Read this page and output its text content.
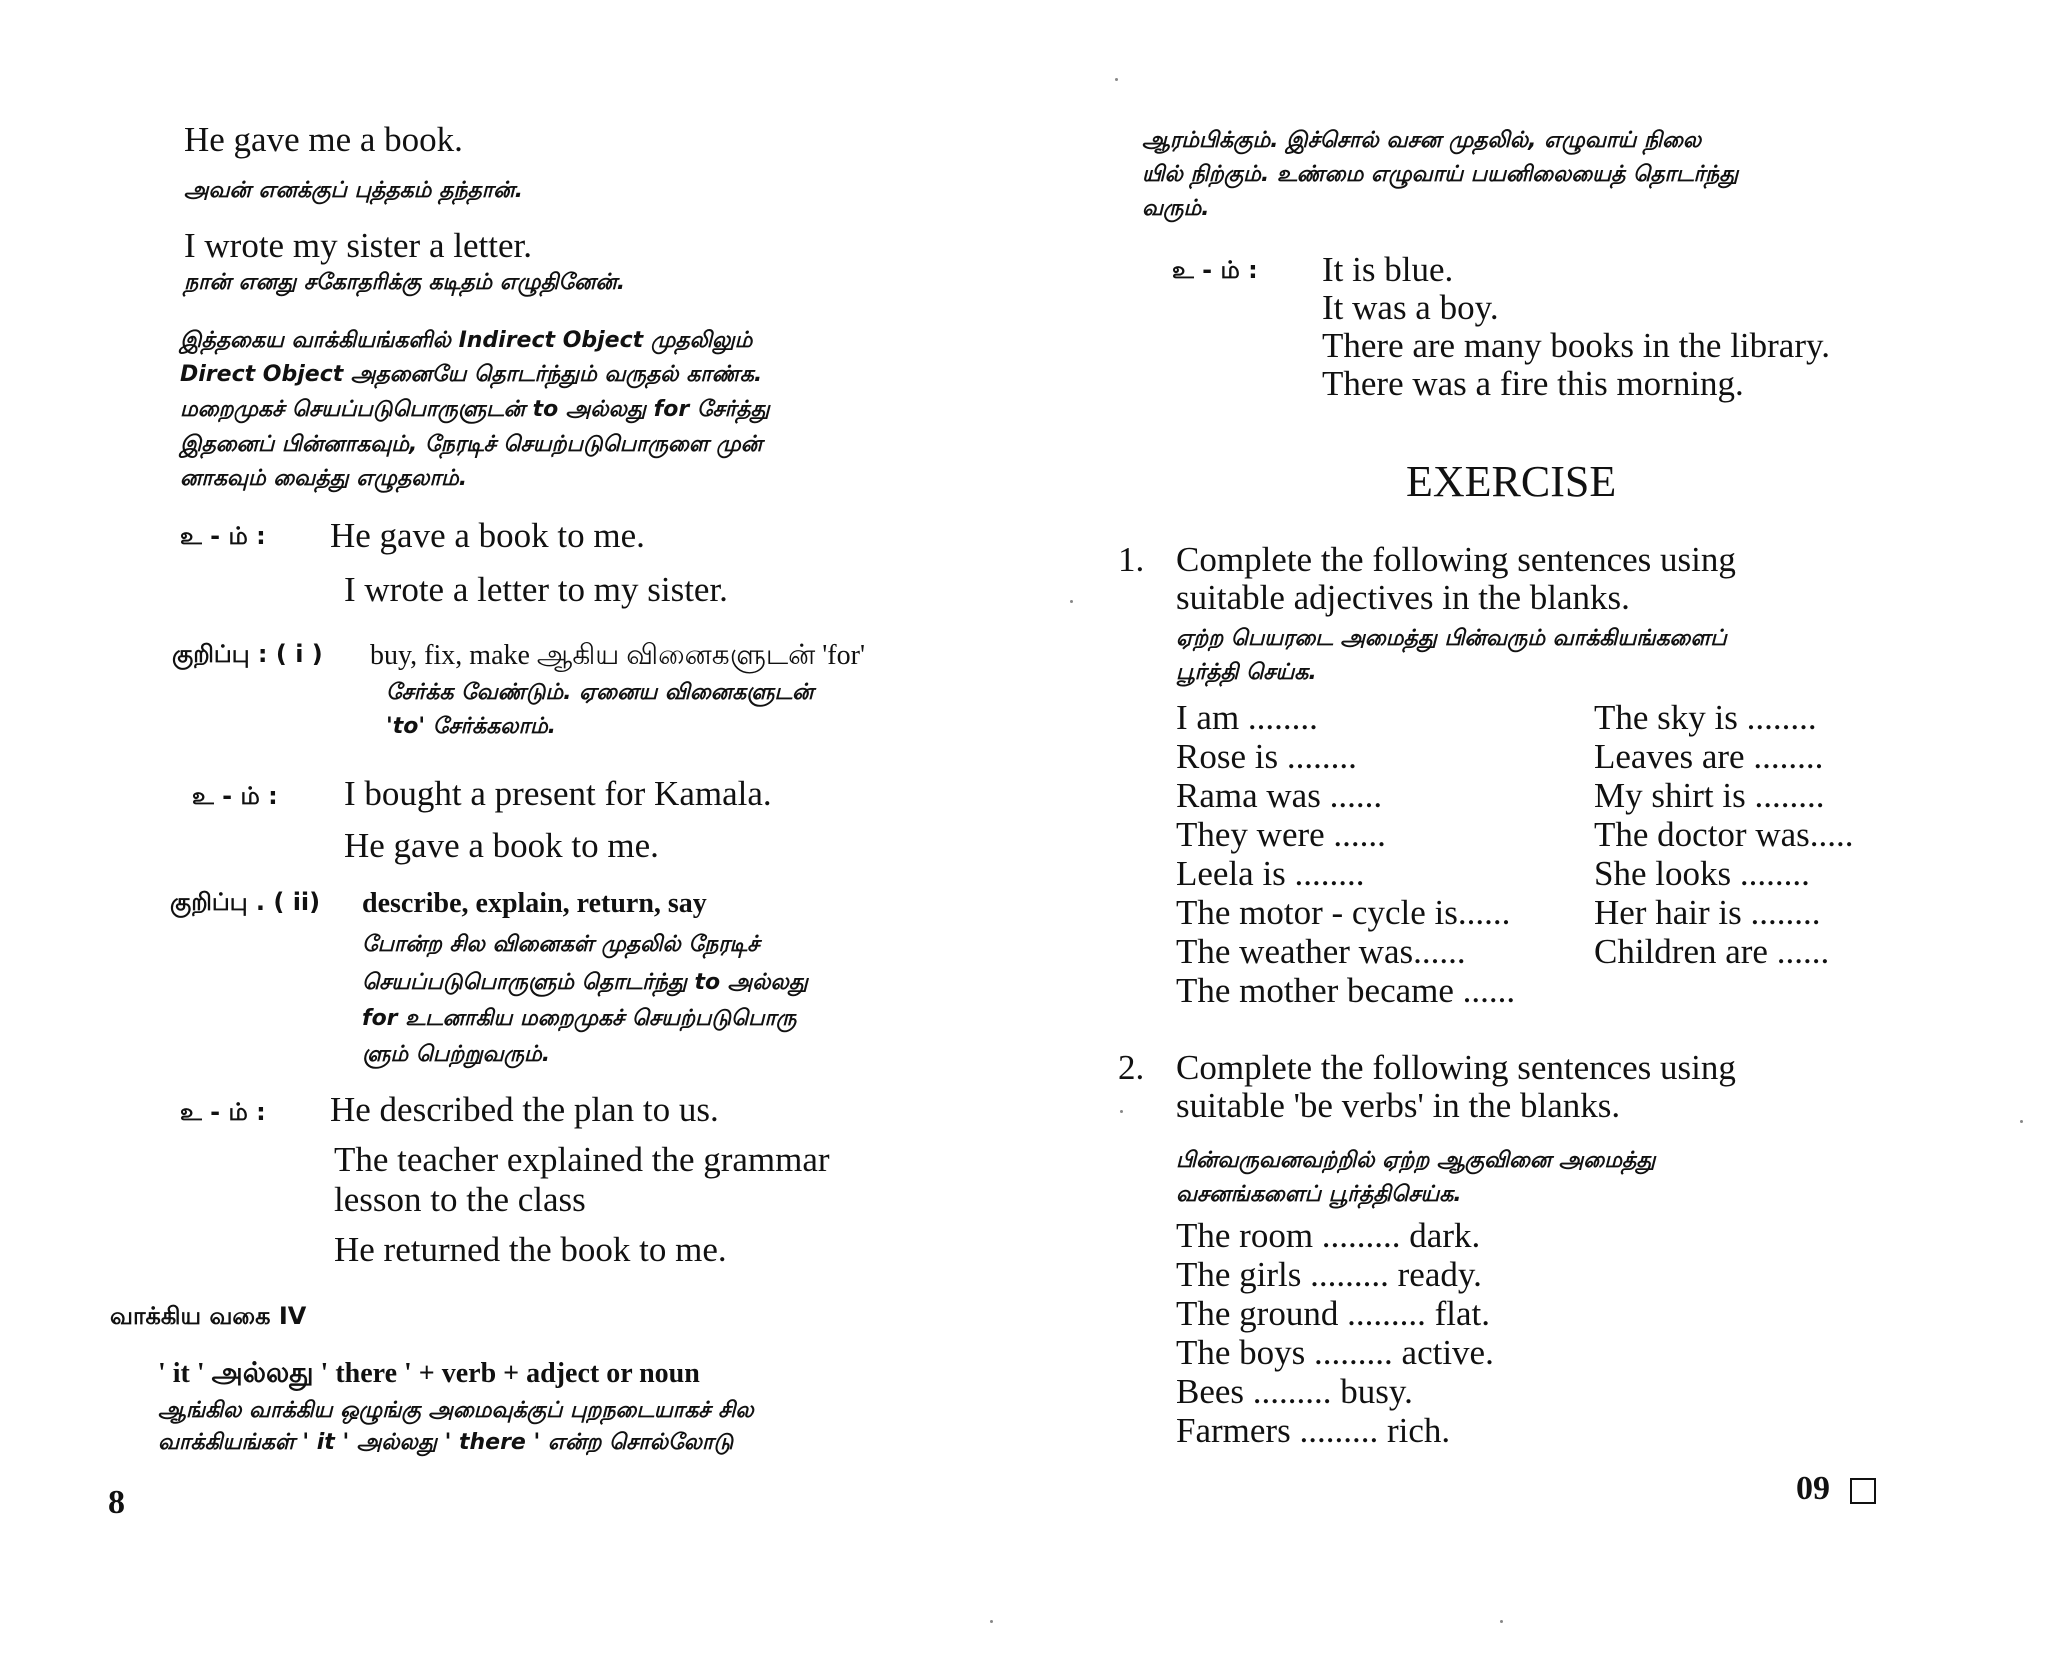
He gave me a book.
அவன் எனக்குப் புத்தகம் தந்தான்.
I wrote my sister a letter.
நான் எனது சகோதரிக்கு கடிதம் எழுதினேன்.
இத்தகைய வாக்கியங்களில் Indirect Object முதலிலும்
Direct Object அதனையே தொடர்ந்தும் வருதல் காண்க.
மறைமுகச் செயப்படுபொருளுடன் to அல்லது for சேர்த்து
இதனைப் பின்னாகவும், நேரடிச் செயற்படுபொருளை முன்
னாகவும் வைத்து எழுதலாம்.
உ - ம் : He gave a book to me.
I wrote a letter to my sister.
குறிப்பு : ( i ) buy, fix, make ஆகிய வினைகளுடன் 'for'
சேர்க்க வேண்டும். ஏனைய வினைகளுடன்
'to' சேர்க்கலாம்.
உ - ம் : I bought a present for Kamala.
He gave a book to me.
குறிப்பு . ( ii) describe, explain, return, say
போன்ற சில வினைகள் முதலில் நேரடிச்
செயப்படுபொருளும் தொடர்ந்து to அல்லது
for உடனாகிய மறைமுகச் செயற்படுபொரு
ளும் பெற்றுவரும்.
உ - ம் : He described the plan to us.
The teacher explained the grammar
lesson to the class
He returned the book to me.
வாக்கிய வகை IV
' it ' அல்லது ' there ' + verb + adject or noun
ஆங்கில வாக்கிய ஒழுங்கு அமைவுக்குப் புறநடையாகச் சில
வாக்கியங்கள் ' it ' அல்லது ' there ' என்ற சொல்லோடு
8
ஆரம்பிக்கும். இச்சொல் வசன முதலில், எழுவாய் நிலை
யில் நிற்கும். உண்மை எழுவாய் பயனிலையைத் தொடர்ந்து
வரும்.
உ - ம் : It is blue.
It was a boy.
There are many books in the library.
There was a fire this morning.
EXERCISE
1. Complete the following sentences using
suitable adjectives in the blanks.
ஏற்ற பெயரடை அமைத்து பின்வரும் வாக்கியங்களைப்
பூர்த்தி செய்க.
I am ........
Rose is ........
Rama was ......
They were ......
Leela is ........
The motor - cycle is......
The weather was......
The mother became ......
The sky is ........
Leaves are ........
My shirt is ........
The doctor was.....
She looks ........
Her hair is ........
Children are ......
2. Complete the following sentences using
suitable 'be verbs' in the blanks.
பின்வருவனவற்றில் ஏற்ற ஆகுவினை அமைத்து
வசனங்களைப் பூர்த்திசெய்க.
The room ......... dark.
The girls ......... ready.
The ground ......... flat.
The boys ......... active.
Bees ......... busy.
Farmers ......... rich.
09
